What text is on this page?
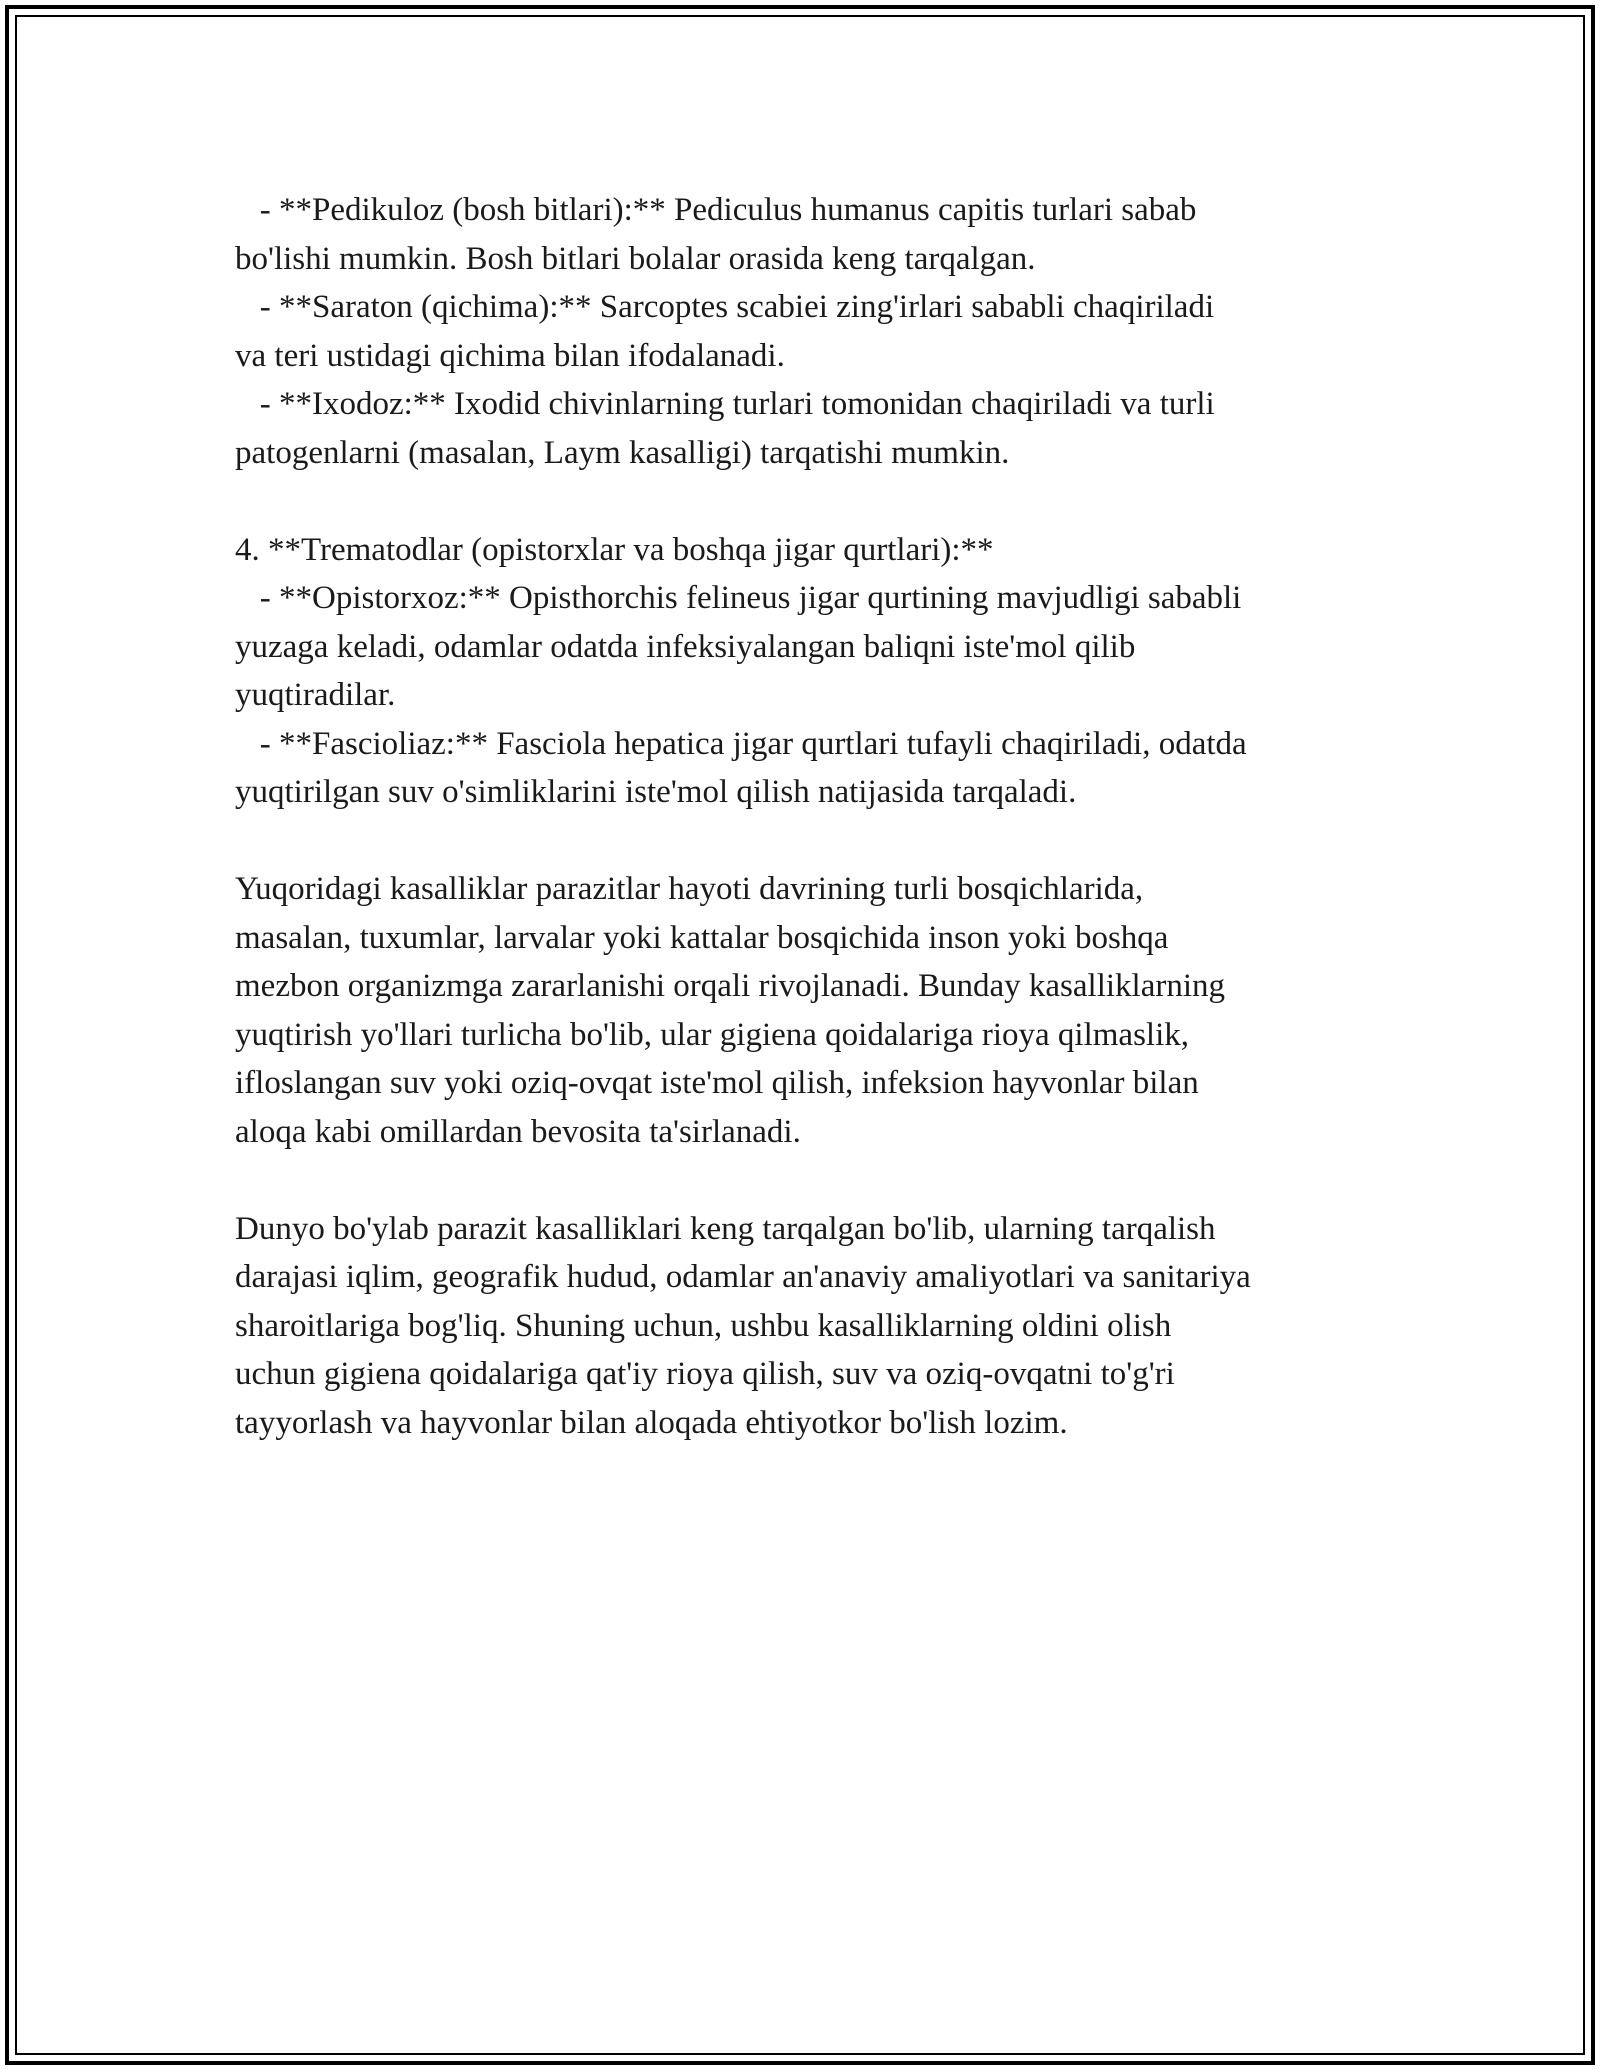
- **Pedikuloz (bosh bitlari):** Pediculus humanus capitis turlari sabab
bo'lishi mumkin. Bosh bitlari bolalar orasida keng tarqalgan.
- **Saraton (qichima):** Sarcoptes scabiei zing'irlari sababli chaqiriladi
va teri ustidagi qichima bilan ifodalanadi.
- **Ixodoz:** Ixodid chivinlarning turlari tomonidan chaqiriladi va turli
patogenlarni (masalan, Laym kasalligi) tarqatishi mumkin.
4. **Trematodlar (opistorxlar va boshqa jigar qurtlari):**
- **Opistorxoz:** Opisthorchis felineus jigar qurtining mavjudligi sababli
yuzaga keladi, odamlar odatda infeksiyalangan baliqni iste'mol qilib
yuqtiradilar.
- **Fascioliaz:** Fasciola hepatica jigar qurtlari tufayli chaqiriladi, odatda
yuqtirilgan suv o'simliklarini iste'mol qilish natijasida tarqaladi.
Yuqoridagi kasalliklar parazitlar hayoti davrining turli bosqichlarida,
masalan, tuxumlar, larvalar yoki kattalar bosqichida inson yoki boshqa
mezbon organizmga zararlanishi orqali rivojlanadi. Bunday kasalliklarning
yuqtirish yo'llari turlicha bo'lib, ular gigiena qoidalariga rioya qilmaslik,
ifloslangan suv yoki oziq-ovqat iste'mol qilish, infeksion hayvonlar bilan
aloqa kabi omillardan bevosita ta'sirlanadi.
Dunyo bo'ylab parazit kasalliklari keng tarqalgan bo'lib, ularning tarqalish
darajasi iqlim, geografik hudud, odamlar an'anaviy amaliyotlari va sanitariya
sharoitlariga bog'liq. Shuning uchun, ushbu kasalliklarning oldini olish
uchun gigiena qoidalariga qat'iy rioya qilish, suv va oziq-ovqatni to'g'ri
tayyorlash va hayvonlar bilan aloqada ehtiyotkor bo'lish lozim.
